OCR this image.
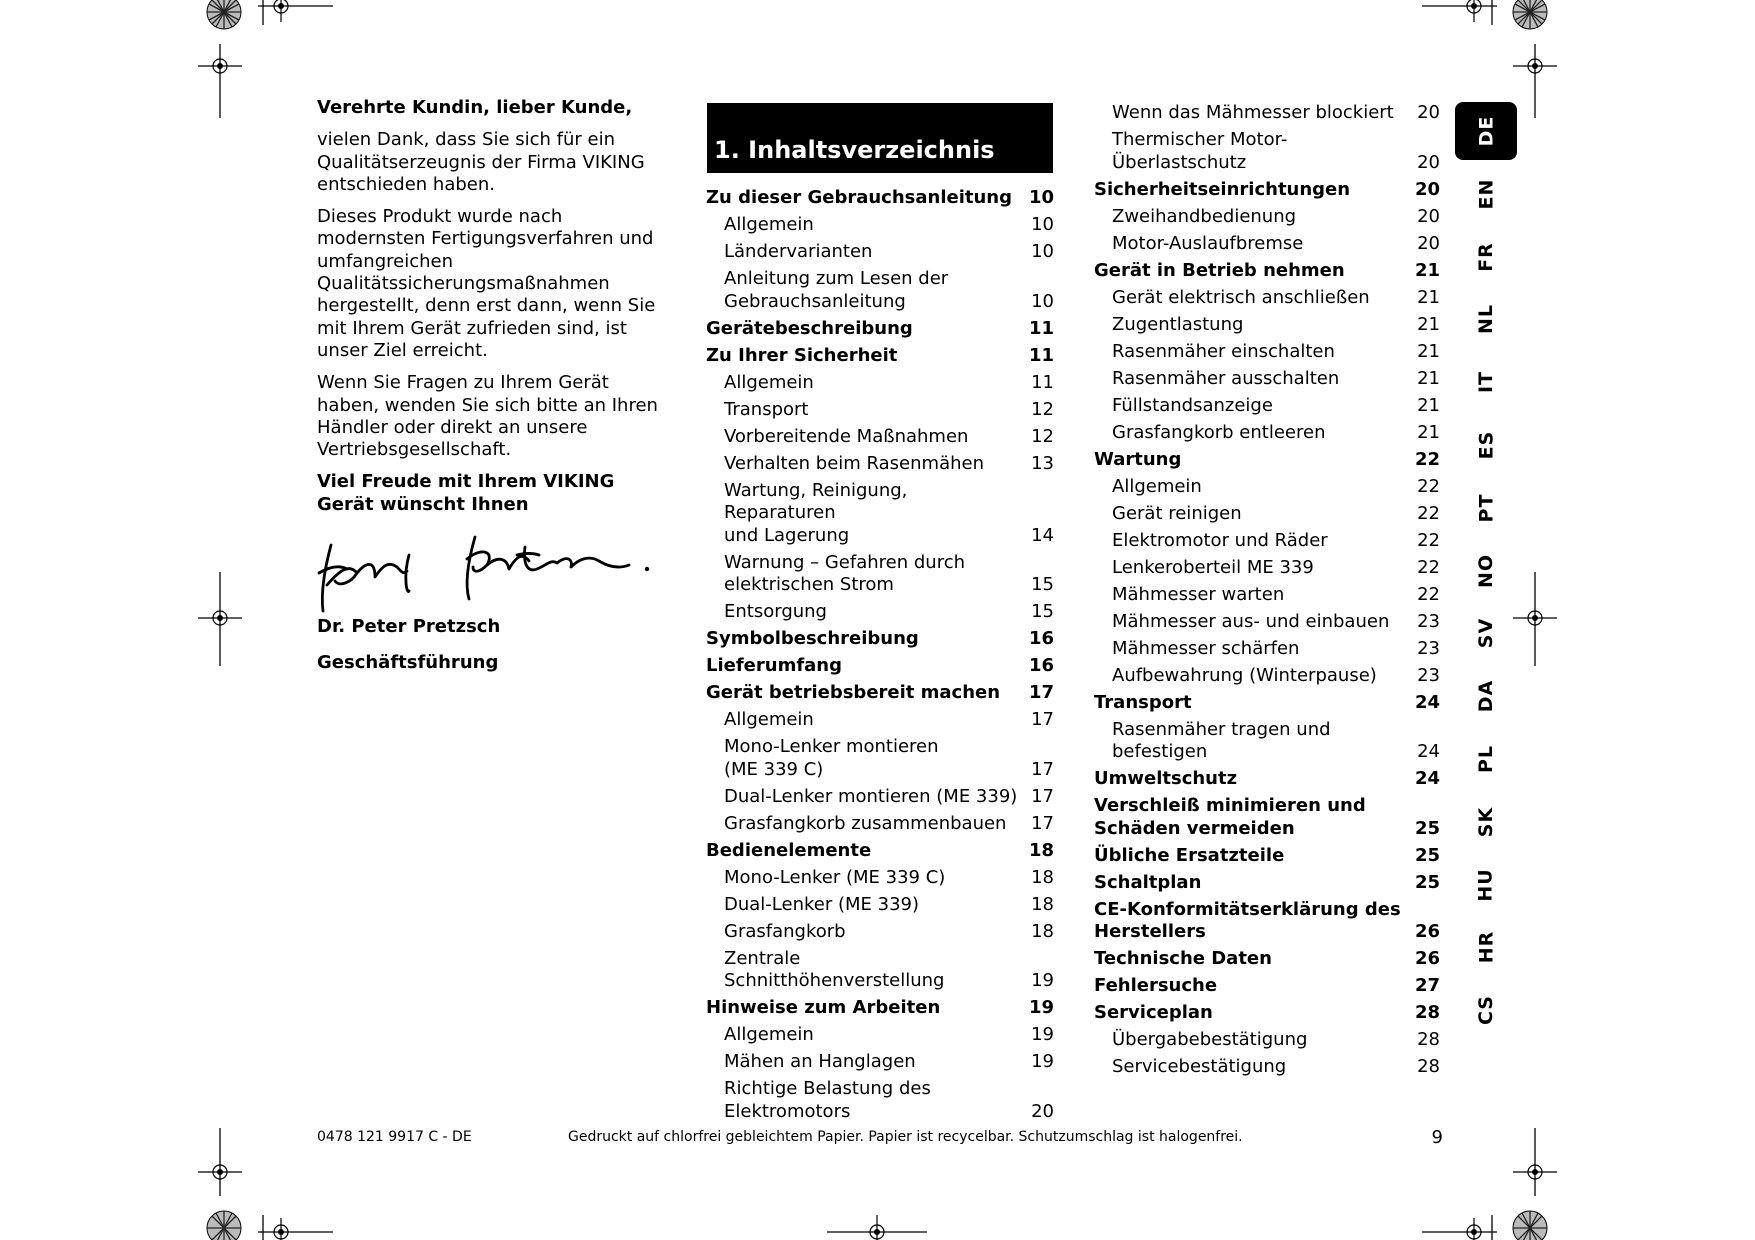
Verehrte Kundin, lieber Kunde,

vielen Dank, dass Sie sich für ein Qualitätserzeugnis der Firma VIKING entschieden haben.

Dieses Produkt wurde nach modernsten Fertigungsverfahren und umfangreichen Qualitätssicherungsmaßnahmen hergestellt, denn erst dann, wenn Sie mit Ihrem Gerät zufrieden sind, ist unser Ziel erreicht.

Wenn Sie Fragen zu Ihrem Gerät haben, wenden Sie sich bitte an Ihren Händler oder direkt an unsere Vertriebsgesellschaft.

Viel Freude mit Ihrem VIKING Gerät wünscht Ihnen

Dr. Peter Pretzsch
Geschäftsführung
1. Inhaltsverzeichnis
Zu dieser Gebrauchsanleitung 10
Allgemein	10
Ländervarianten	10
Anleitung zum Lesen der
Gebrauchsanleitung	10
Gerätebeschreibung	11
Zu Ihrer Sicherheit	11
Allgemein	11
Transport	12
Vorbereitende Maßnahmen	12
Verhalten beim Rasenmähen	13
Wartung, Reinigung, Reparaturen
und Lagerung	14
Warnung – Gefahren durch
elektrischen Strom	15
Entsorgung	15
Symbolbeschreibung	16
Lieferumfang	16
Gerät betriebsbereit machen	17
Allgemein	17
Mono-Lenker montieren
(ME 339 C)	17
Dual-Lenker montieren (ME 339) 17
Grasfangkorb zusammenbauen	17
Bedienelemente	18
Mono-Lenker (ME 339 C)	18
Dual-Lenker (ME 339)	18
Grasfangkorb	18
Zentrale Schnitthöhenverstellung	19
Hinweise zum Arbeiten	19
Allgemein	19
Mähen an Hanglagen	19
Richtige Belastung des
Elektromotors	20
Wenn das Mähmesser blockiert	20
Thermischer Motor-Überlastschutz	20
Sicherheitseinrichtungen	20
Zweihandbedienung	20
Motor-Auslaufbremse	20
Gerät in Betrieb nehmen	21
Gerät elektrisch anschließen	21
Zugentlastung	21
Rasenmäher einschalten	21
Rasenmäher ausschalten	21
Füllstandsanzeige	21
Grasfangkorb entleeren	21
Wartung	22
Allgemein	22
Gerät reinigen	22
Elektromotor und Räder	22
Lenkeroberteil ME 339	22
Mähmesser warten	22
Mähmesser aus- und einbauen	23
Mähmesser schärfen	23
Aufbewahrung (Winterpause)	23
Transport	24
Rasenmäher tragen und befestigen	24
Umweltschutz	24
Verschleiß minimieren und
Schäden vermeiden	25
Übliche Ersatzteile	25
Schaltplan	25
CE-Konformitätserklärung des
Herstellers	26
Technische Daten	26
Fehlersuche	27
Serviceplan	28
Übergabebestätigung	28
Servicebestätigung	28
DE
EN
FR
NL
IT
ES
PT
NO
SV
DA
PL
SK
HU
HR
CS
0478 121 9917 C - DE	Gedruckt auf chlorfrei gebleichtem Papier. Papier ist recycelbar. Schutzumschlag ist halogenfrei.	9
